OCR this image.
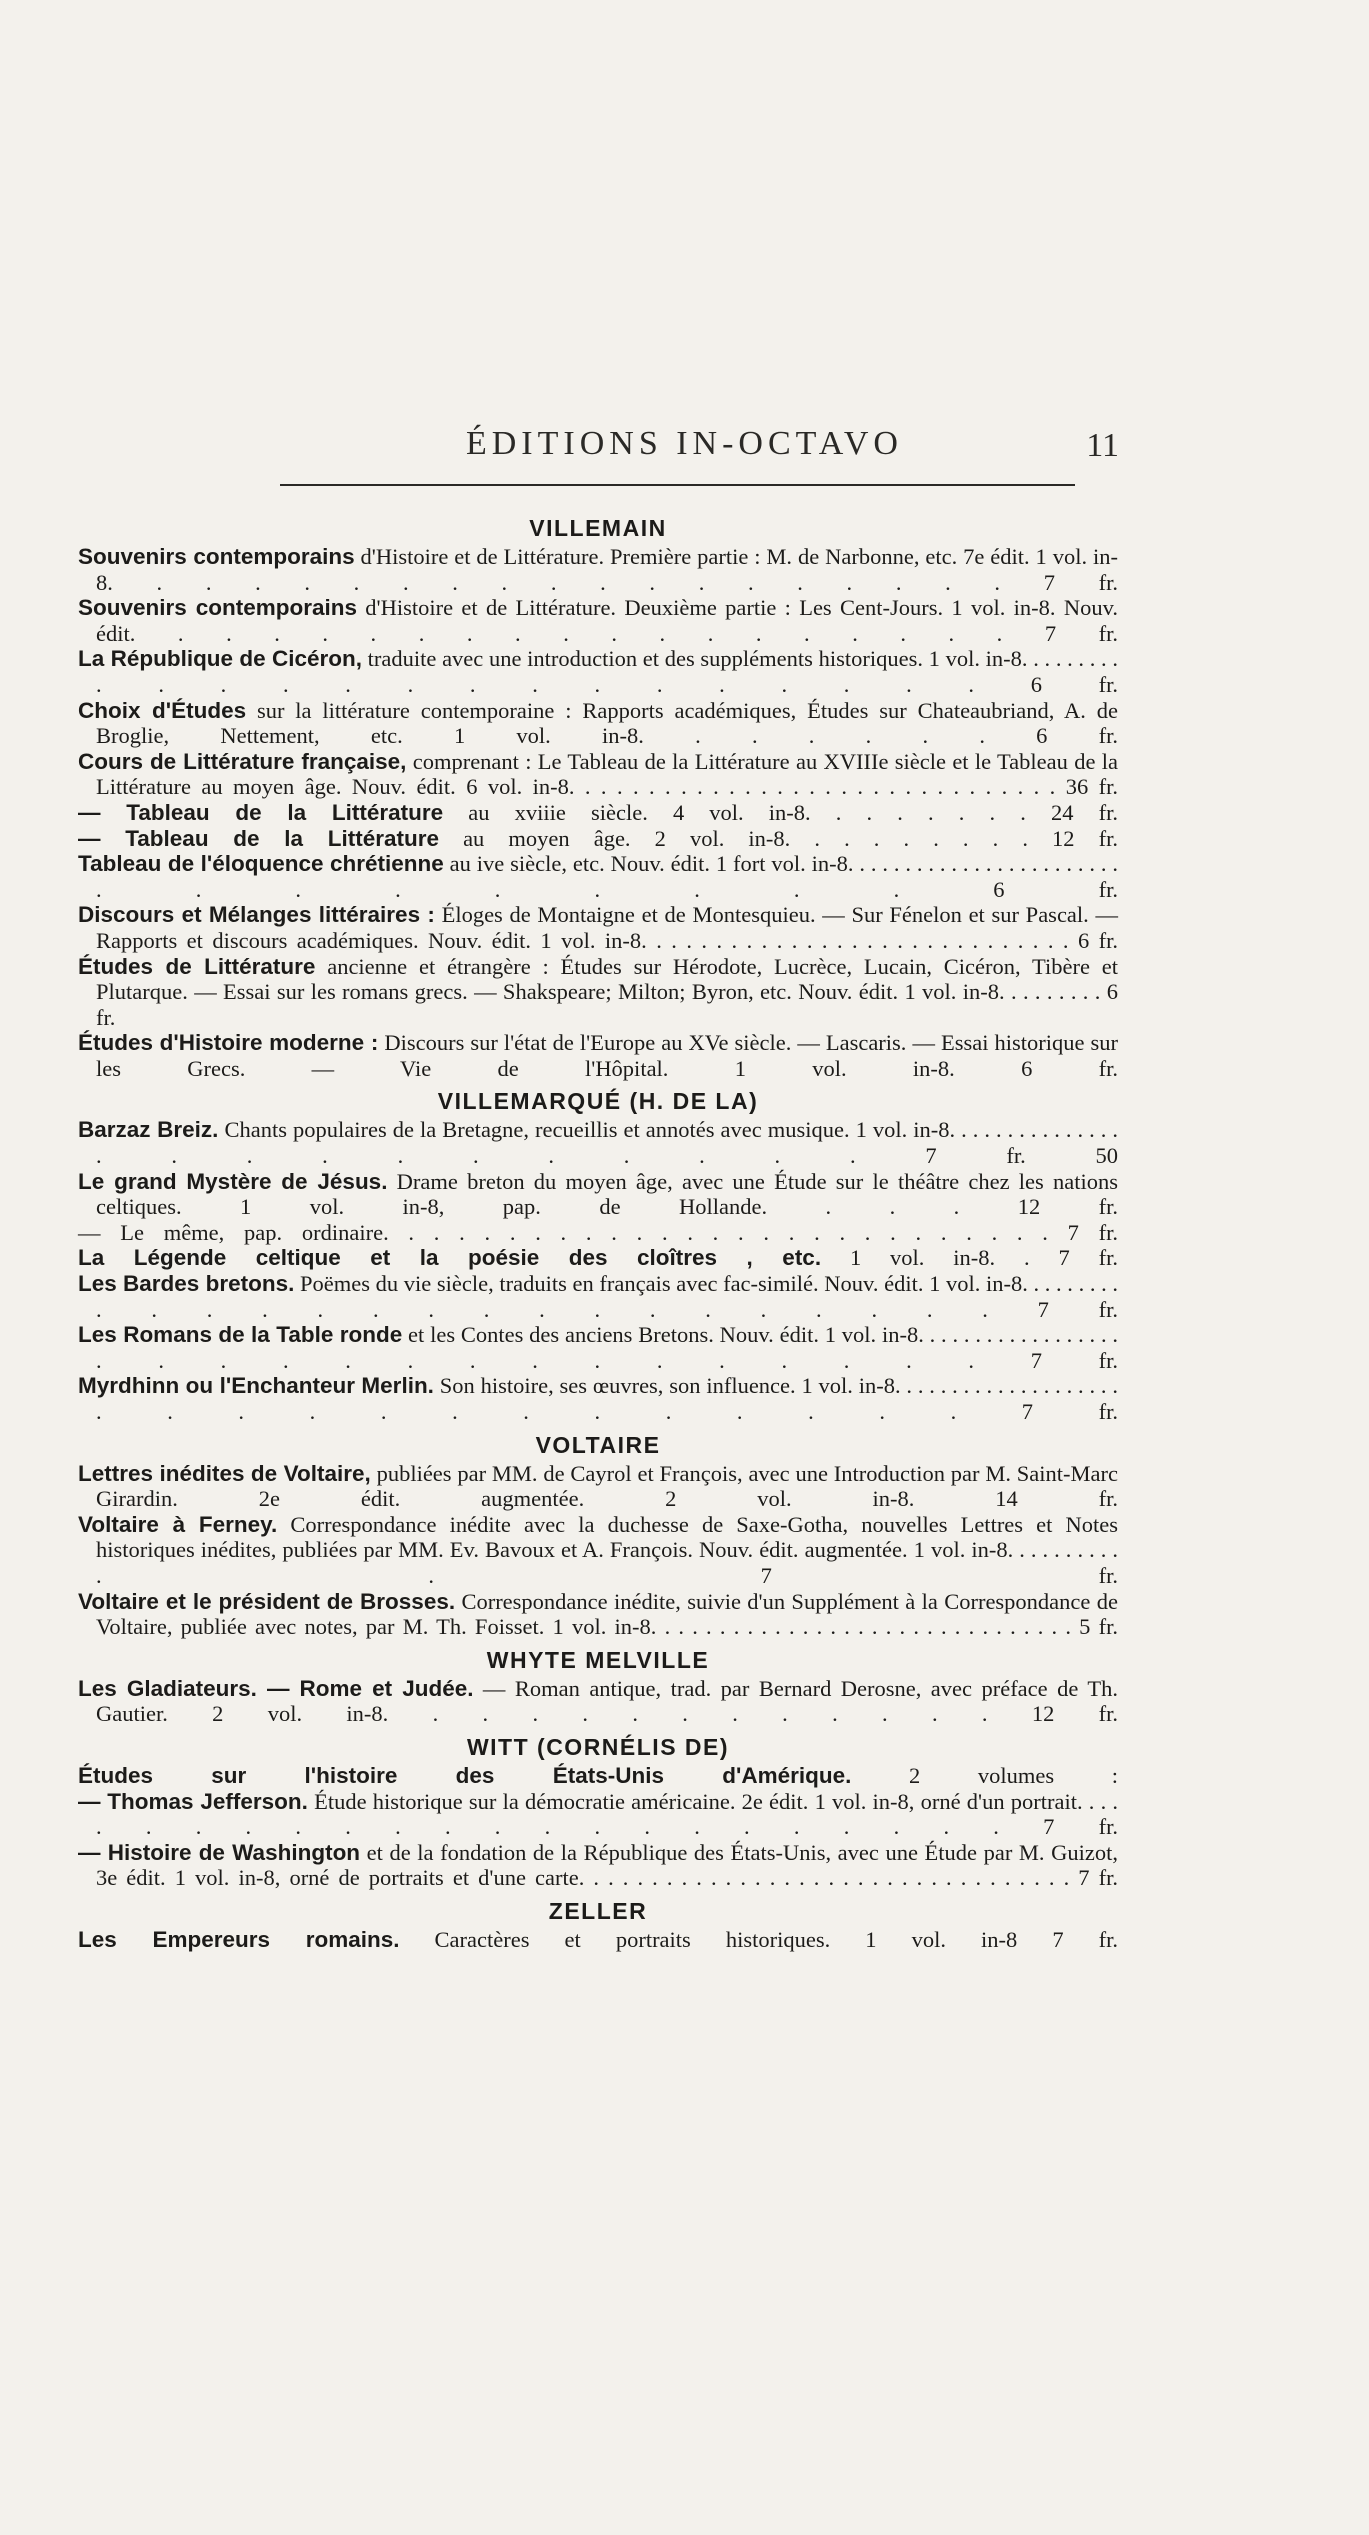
ÉDITIONS IN-OCTAVO	11
VILLEMAIN

Souvenirs contemporains d'Histoire et de Littérature. Première partie : M. de Narbonne, etc. 7e édit. 1 vol. in-8. . . . . . . . . . . . . . . . . . . 7 fr.

Souvenirs contemporains d'Histoire et de Littérature. Deuxième partie : Les Cent-Jours. 1 vol. in-8. Nouv. édit. . . . . . . . . . . . . . . . . . . 7 fr.

La République de Cicéron, traduite avec une introduction et des suppléments historiques. 1 vol. in-8. . . . . . . . . . . . . . . . . . . . . . . . 6 fr.

Choix d'Études sur la littérature contemporaine : Rapports académiques, Études sur Chateaubriand, A. de Broglie, Nettement, etc. 1 vol. in-8. . . . . . . 6 fr.

Cours de Littérature française, comprenant : Le Tableau de la Littérature au XVIIIe siècle et le Tableau de la Littérature au moyen âge. Nouv. édit. 6 vol. in-8. . . . . . . . . . . . . . . . . . . . . . . . . . . . . . . 36 fr.

— Tableau de la Littérature au xviiie siècle. 4 vol. in-8. . . . . . . . 24 fr.

— Tableau de la Littérature au moyen âge. 2 vol. in-8. . . . . . . . . 12 fr.

Tableau de l'éloquence chrétienne au ive siècle, etc. Nouv. édit. 1 fort vol. in-8. . . . . . . . . . . . . . . . . . . . . . . . . . . . . . . . . 6 fr.

Discours et Mélanges littéraires : Éloges de Montaigne et de Montesquieu. — Sur Fénelon et sur Pascal. — Rapports et discours académiques. Nouv. édit. 1 vol. in-8. . . . . . . . . . . . . . . . . . . . . . . . . . . . . 6 fr.

Études de Littérature ancienne et étrangère : Études sur Hérodote, Lucrèce, Lucain, Cicéron, Tibère et Plutarque. — Essai sur les romans grecs. — Shakspeare; Milton; Byron, etc. Nouv. édit. 1 vol. in-8. . . . . . . . . 6 fr.

Études d'Histoire moderne : Discours sur l'état de l'Europe au XVe siècle. — Lascaris. — Essai historique sur les Grecs. — Vie de l'Hôpital. 1 vol. in-8. 6 fr.

VILLEMARQUÉ (H. DE LA)

Barzaz Breiz. Chants populaires de la Bretagne, recueillis et annotés avec musique. 1 vol. in-8. . . . . . . . . . . . . . . . . . . . . . . . . . 7 fr. 50

Le grand Mystère de Jésus. Drame breton du moyen âge, avec une Étude sur le théâtre chez les nations celtiques. 1 vol. in-8, pap. de Hollande. . . . 12 fr.

— Le même, pap. ordinaire. . . . . . . . . . . . . . . . . . . . . . . . . . . 7 fr.

La Légende celtique et la poésie des cloîtres , etc. 1 vol. in-8. . 7 fr.

Les Bardes bretons. Poëmes du vie siècle, traduits en français avec fac-similé. Nouv. édit. 1 vol. in-8. . . . . . . . . . . . . . . . . . . . . . . . . . 7 fr.

Les Romans de la Table ronde et les Contes des anciens Bretons. Nouv. édit. 1 vol. in-8. . . . . . . . . . . . . . . . . . . . . . . . . . . . . . . . . 7 fr.

Myrdhinn ou l'Enchanteur Merlin. Son histoire, ses œuvres, son influence. 1 vol. in-8. . . . . . . . . . . . . . . . . . . . . . . . . . . . . . . . . 7 fr.

VOLTAIRE

Lettres inédites de Voltaire, publiées par MM. de Cayrol et François, avec une Introduction par M. Saint-Marc Girardin. 2e édit. augmentée. 2 vol. in-8. 14 fr.

Voltaire à Ferney. Correspondance inédite avec la duchesse de Saxe-Gotha, nouvelles Lettres et Notes historiques inédites, publiées par MM. Ev. Bavoux et A. François. Nouv. édit. augmentée. 1 vol. in-8. . . . . . . . . . . . 7 fr.

Voltaire et le président de Brosses. Correspondance inédite, suivie d'un Supplément à la Correspondance de Voltaire, publiée avec notes, par M. Th. Foisset. 1 vol. in-8. . . . . . . . . . . . . . . . . . . . . . . . . . . . . . . 5 fr.

WHYTE MELVILLE

Les Gladiateurs. — Rome et Judée. — Roman antique, trad. par Bernard Derosne, avec préface de Th. Gautier. 2 vol. in-8. . . . . . . . . . . . . 12 fr.

WITT (CORNÉLIS DE)

Études sur l'histoire des États-Unis d'Amérique. 2 volumes :

— Thomas Jefferson. Étude historique sur la démocratie américaine. 2e édit. 1 vol. in-8, orné d'un portrait. . . . . . . . . . . . . . . . . . . . . . . 7 fr.

— Histoire de Washington et de la fondation de la République des États-Unis, avec une Étude par M. Guizot, 3e édit. 1 vol. in-8, orné de portraits et d'une carte. . . . . . . . . . . . . . . . . . . . . . . . . . . . . . . . . . 7 fr.

ZELLER

Les Empereurs romains. Caractères et portraits historiques. 1 vol. in-8 7 fr.
